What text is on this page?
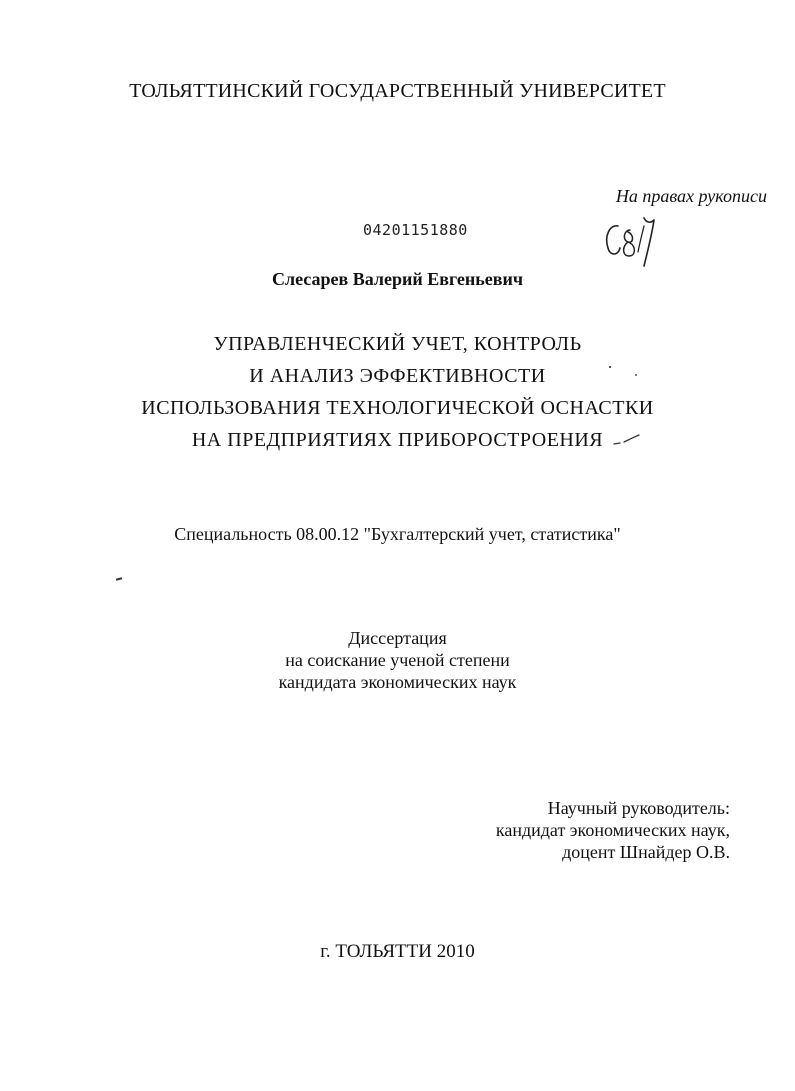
ТОЛЬЯТТИНСКИЙ ГОСУДАРСТВЕННЫЙ УНИВЕРСИТЕТ
На правах рукописи
04201151880
Слесарев Валерий Евгеньевич
УПРАВЛЕНЧЕСКИЙ УЧЕТ, КОНТРОЛЬ
И АНАЛИЗ ЭФФЕКТИВНОСТИ
ИСПОЛЬЗОВАНИЯ ТЕХНОЛОГИЧЕСКОЙ ОСНАСТКИ
НА ПРЕДПРИЯТИЯХ ПРИБОРОСТРОЕНИЯ
Специальность 08.00.12 "Бухгалтерский учет, статистика"
Диссертация
на соискание ученой степени
кандидата экономических наук
Научный руководитель:
кандидат экономических наук,
доцент Шнайдер О.В.
г. ТОЛЬЯТТИ 2010
